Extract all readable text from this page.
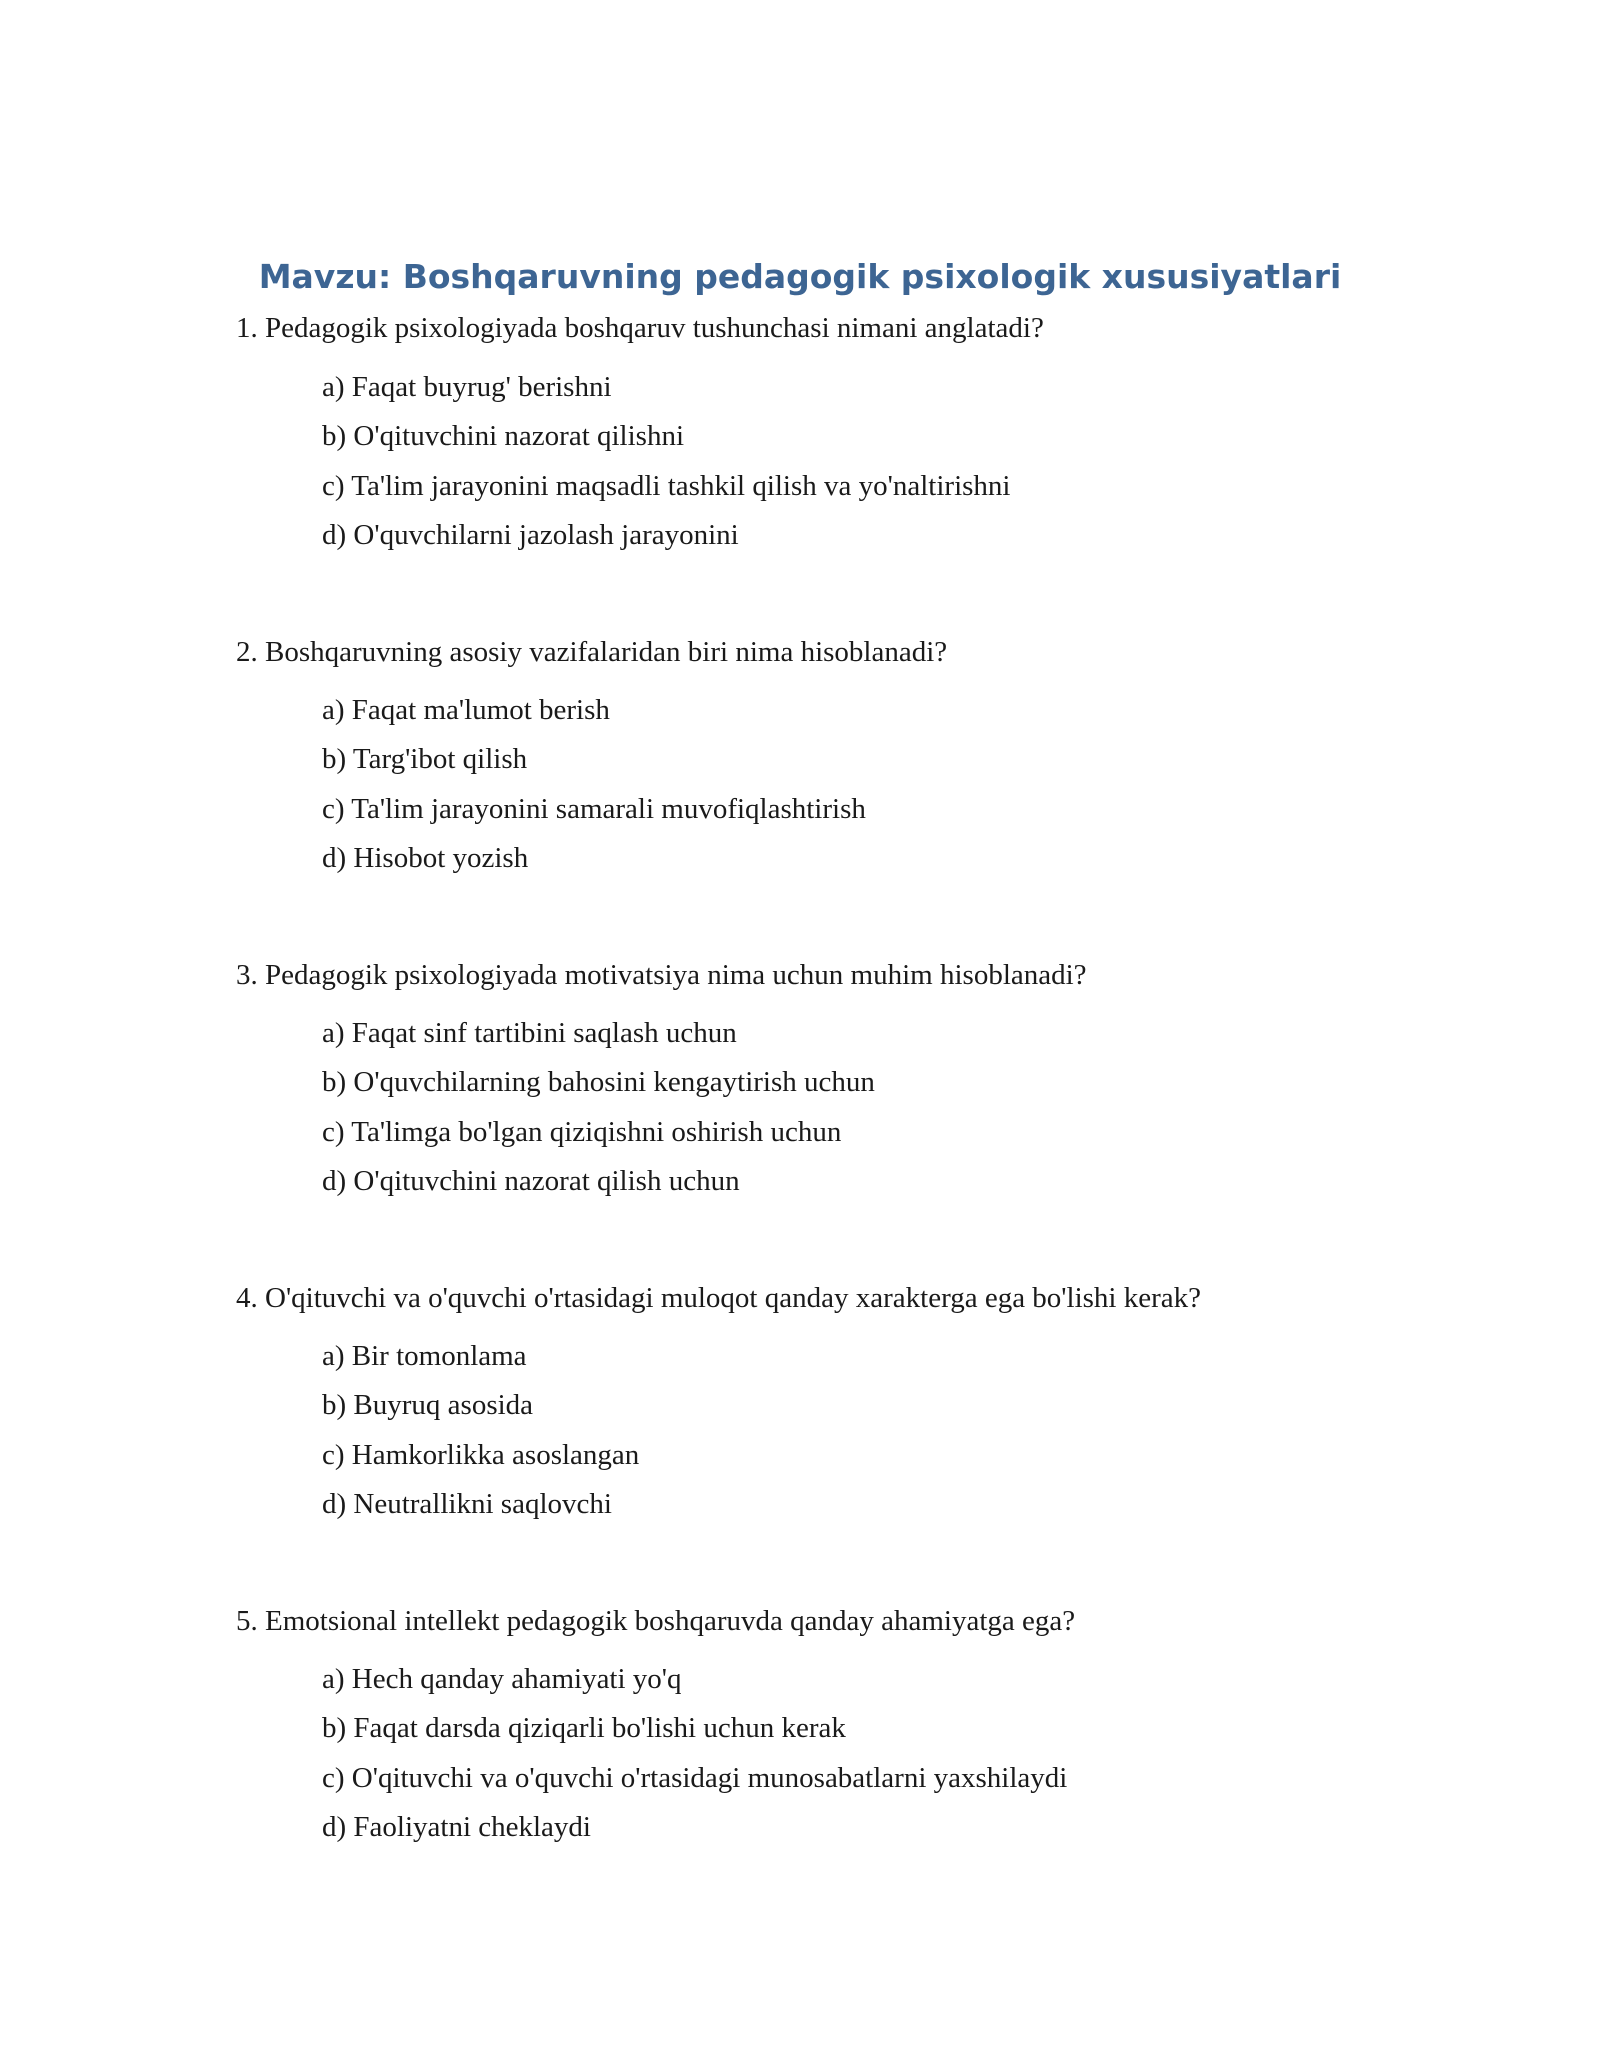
Mavzu: Boshqaruvning pedagogik psixologik xususiyatlari
1. Pedagogik psixologiyada boshqaruv tushunchasi nimani anglatadi?
a) Faqat buyrug' berishni
b) O'qituvchini nazorat qilishni
c) Ta'lim jarayonini maqsadli tashkil qilish va yo'naltirishni
d) O'quvchilarni jazolash jarayonini
2. Boshqaruvning asosiy vazifalaridan biri nima hisoblanadi?
a) Faqat ma'lumot berish
b) Targ'ibot qilish
c) Ta'lim jarayonini samarali muvofiqlashtirish
d) Hisobot yozish
3. Pedagogik psixologiyada motivatsiya nima uchun muhim hisoblanadi?
a) Faqat sinf tartibini saqlash uchun
b) O'quvchilarning bahosini kengaytirish uchun
c) Ta'limga bo'lgan qiziqishni oshirish uchun
d) O'qituvchini nazorat qilish uchun
4. O'qituvchi va o'quvchi o'rtasidagi muloqot qanday xarakterga ega bo'lishi kerak?
a) Bir tomonlama
b) Buyruq asosida
c) Hamkorlikka asoslangan
d) Neutrallikni saqlovchi
5. Emotsional intellekt pedagogik boshqaruvda qanday ahamiyatga ega?
a) Hech qanday ahamiyati yo'q
b) Faqat darsda qiziqarli bo'lishi uchun kerak
c) O'qituvchi va o'quvchi o'rtasidagi munosabatlarni yaxshilaydi
d) Faoliyatni cheklaydi
